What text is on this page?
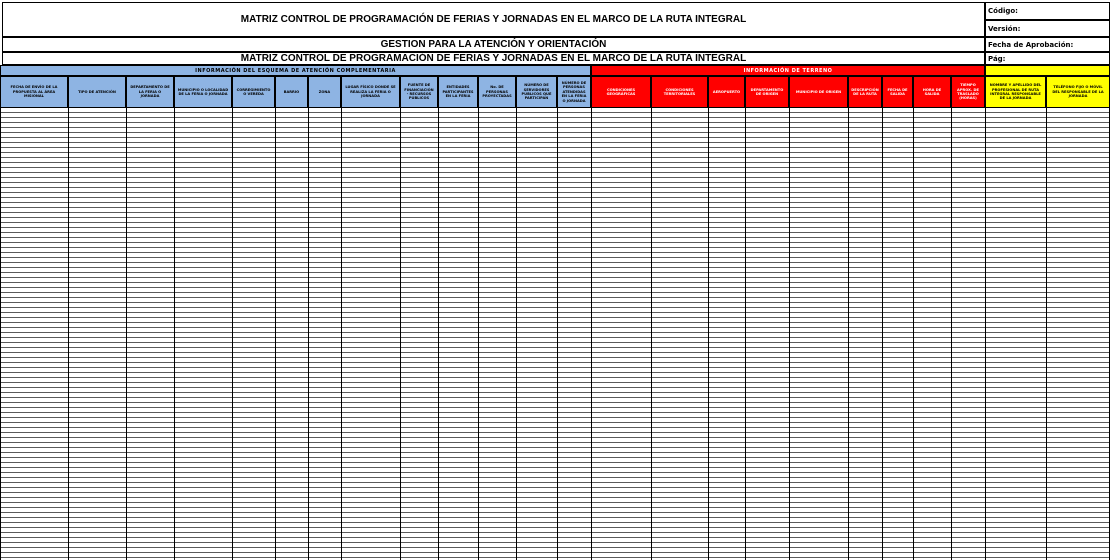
MATRIZ CONTROL DE PROGRAMACIÓN DE FERIAS Y JORNADAS EN EL MARCO DE LA RUTA INTEGRAL
GESTION PARA LA ATENCIÓN Y ORIENTACIÓN
MATRIZ CONTROL DE PROGRAMACIÓN DE FERIAS Y JORNADAS EN EL MARCO DE LA RUTA INTEGRAL
Código:
Versión:
Fecha de Aprobación:
Pág:
INFORMACIÓN DEL ESQUEMA DE ATENCIÓN COMPLEMENTARIA	INFORMACIÓN DE TERRENO
FECHA DE ENVÍO DE LA PROPUESTA AL ÁREA MISIONAL
TIPO DE ATENCIÓN
DEPARTAMENTO DE LA FERIA O JORNADA
MUNICIPIO O LOCALIDAD DE LA FERIA O JORNADA
CORREGIMIENTO O VEREDA
BARRIO	ZONA
LUGAR FÍSICO DONDE SE REALIZA LA FERIA O JORNADA
FUENTE DE FINANCIACIÓN - RECURSOS PÚBLICOS
ENTIDADES PARTICIPANTES EN LA FERIA
No. DE PERSONAS PROYECTADAS
NÚMERO DE SERVIDORES PÚBLICOS QUE PARTICIPAN
NÚMERO DE PERSONAS ATENDIDAS EN LA FERIA O JORNADA
CONDICIONES GEOGRÁFICAS
CONDICIONES TERRITORIALES
AEROPUERTO
DEPARTAMENTO DE ORIGEN
MUNICIPIO DE ORIGEN
DESCRIPCIÓN DE LA RUTA
FECHA DE SALIDA
HORA DE SALIDA
TIEMPO APROX. DE TRASLADO (HORAS)
NOMBRE Y APELLIDO DEL PROFESIONAL DE RUTA INTEGRAL RESPONSABLE DE LA JORNADA
TELÉFONO FIJO O MÓVIL DEL RESPONSABLE DE LA JORNADA
